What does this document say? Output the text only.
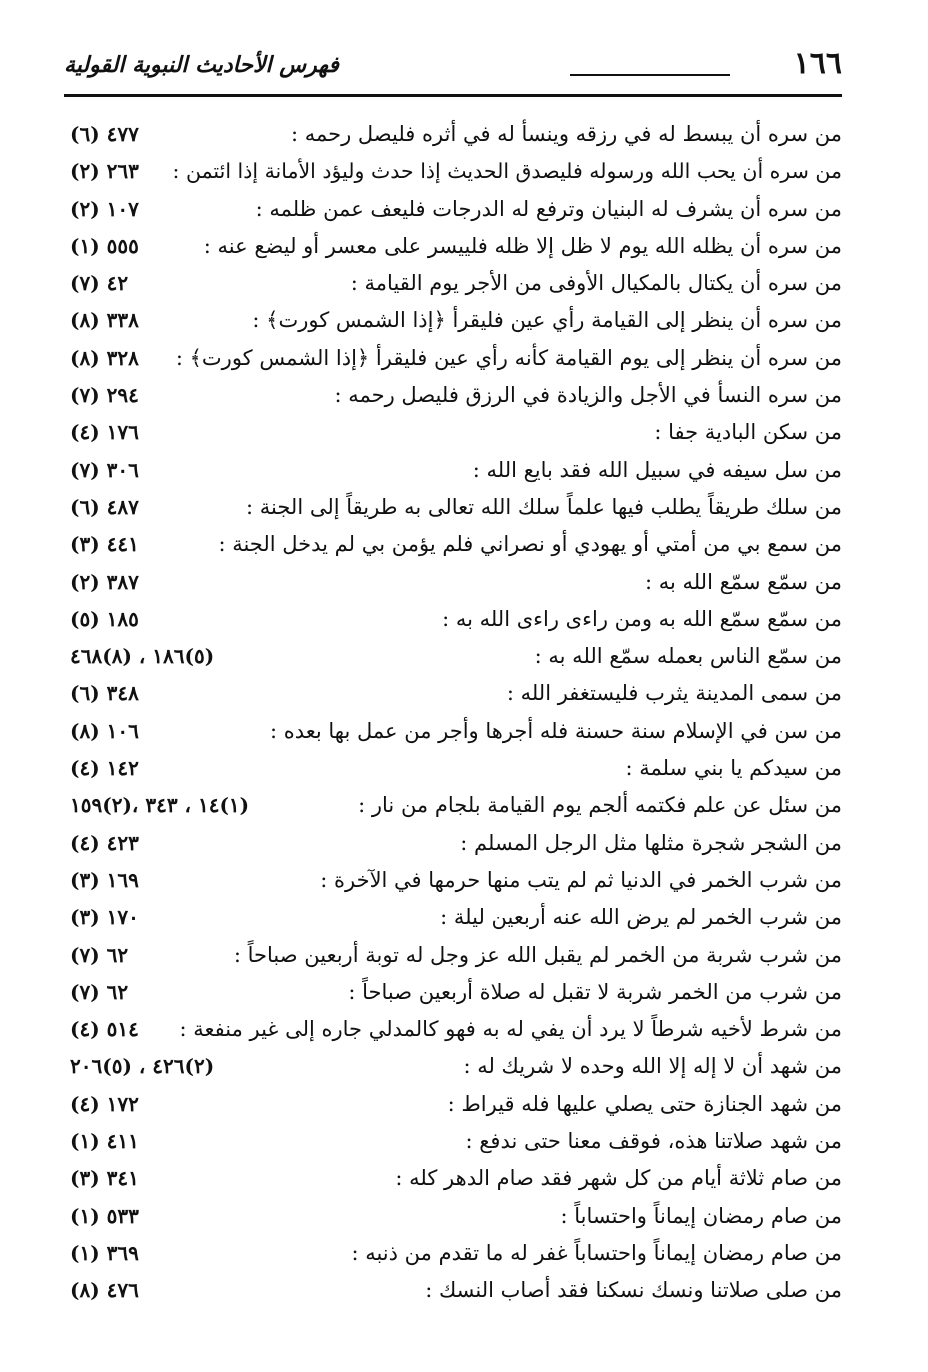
١٦٦
فهرس الأحاديث النبوية القولية
من سره أن يبسط له في رزقه وينسأ له في أثره فليصل رحمه :
٤٧٧ (٦)
من سره أن يحب الله ورسوله فليصدق الحديث إذا حدث وليؤد الأمانة إذا ائتمن :
٢٦٣ (٢)
من سره أن يشرف له البنيان وترفع له الدرجات فليعف عمن ظلمه :
١٠٧ (٢)
من سره أن يظله الله يوم لا ظل إلا ظله فلييسر على معسر أو ليضع عنه :
٥٥٥ (١)
من سره أن يكتال بالمكيال الأوفى من الأجر يوم القيامة :
٤٢ (٧)
من سره أن ينظر إلى القيامة رأي عين فليقرأ ﴿إذا الشمس كورت﴾ :
٣٣٨ (٨)
من سره أن ينظر إلى يوم القيامة كأنه رأي عين فليقرأ ﴿إذا الشمس كورت﴾ :
٣٢٨ (٨)
من سره النسأ في الأجل والزيادة في الرزق فليصل رحمه :
٢٩٤ (٧)
من سكن البادية جفا :
١٧٦ (٤)
من سل سيفه في سبيل الله فقد بايع الله :
٣٠٦ (٧)
من سلك طريقاً يطلب فيها علماً سلك الله تعالى به طريقاً إلى الجنة :
٤٨٧ (٦)
من سمع بي من أمتي أو يهودي أو نصراني فلم يؤمن بي لم يدخل الجنة :
٤٤١ (٣)
من سمّع سمّع الله به :
٣٨٧ (٢)
من سمّع سمّع الله به ومن راءى راءى الله به :
١٨٥ (٥)
من سمّع الناس بعمله سمّع الله به :
(٥)١٨٦ ، (٨)٤٦٨
من سمى المدينة يثرب فليستغفر الله :
٣٤٨ (٦)
من سن في الإسلام سنة حسنة فله أجرها وأجر من عمل بها بعده :
١٠٦ (٨)
من سيدكم يا بني سلمة :
١٤٢ (٤)
من سئل عن علم فكتمه ألجم يوم القيامة بلجام من نار :
(١)١٤ ، ٣٤٣ ،(٢)١٥٩
من الشجر شجرة مثلها مثل الرجل المسلم :
٤٢٣ (٤)
من شرب الخمر في الدنيا ثم لم يتب منها حرمها في الآخرة :
١٦٩ (٣)
من شرب الخمر لم يرض الله عنه أربعين ليلة :
١٧٠ (٣)
من شرب شربة من الخمر لم يقبل الله عز وجل له توبة أربعين صباحاً :
٦٢ (٧)
من شرب من الخمر شربة لا تقبل له صلاة أربعين صباحاً :
٦٢ (٧)
من شرط لأخيه شرطاً لا يرد أن يفي له به فهو كالمدلي جاره إلى غير منفعة :
٥١٤ (٤)
من شهد أن لا إله إلا الله وحده لا شريك له :
(٢)٤٢٦ ، (٥)٢٠٦
من شهد الجنازة حتى يصلي عليها فله قيراط :
١٧٢ (٤)
من شهد صلاتنا هذه، فوقف معنا حتى ندفع :
٤١١ (١)
من صام ثلاثة أيام من كل شهر فقد صام الدهر كله :
٣٤١ (٣)
من صام رمضان إيماناً واحتساباً :
٥٣٣ (١)
من صام رمضان إيماناً واحتساباً غفر له ما تقدم من ذنبه :
٣٦٩ (١)
من صلى صلاتنا ونسك نسكنا فقد أصاب النسك :
٤٧٦ (٨)
